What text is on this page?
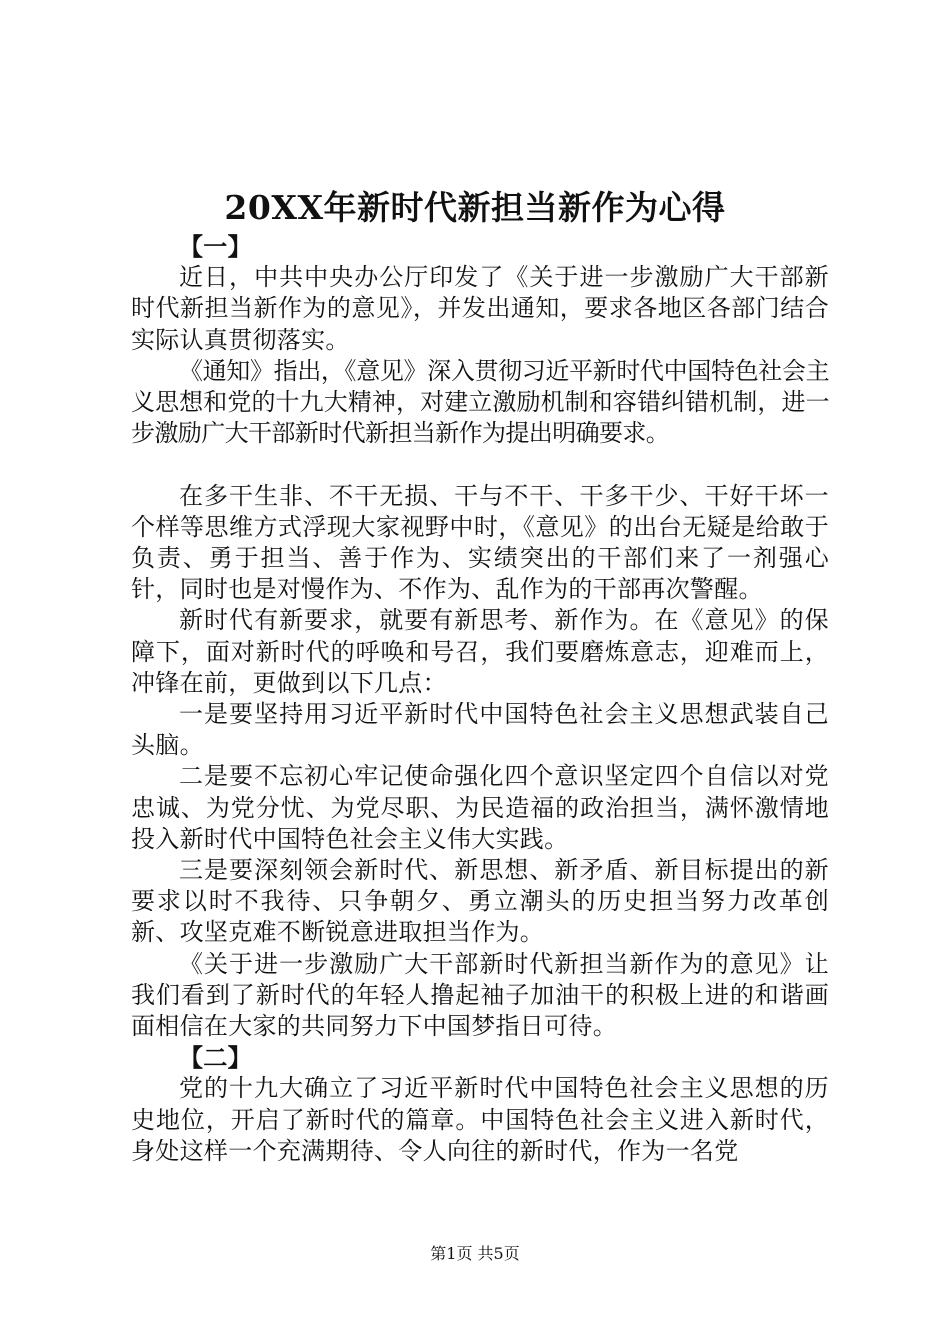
20XX年新时代新担当新作为心得

【一】

近日，中共中央办公厅印发了《关于进一步激励广大干部新时代新担当新作为的意见》，并发出通知，要求各地区各部门结合实际认真贯彻落实。

《通知》指出，《意见》深入贯彻习近平新时代中国特色社会主义思想和党的十九大精神，对建立激励机制和容错纠错机制，进一步激励广大干部新时代新担当新作为提出明确要求。

在多干生非、不干无损、干与不干、干多干少、干好干坏一个样等思维方式浮现大家视野中时，《意见》的出台无疑是给敢于负责、勇于担当、善于作为、实绩突出的干部们来了一剂强心针，同时也是对慢作为、不作为、乱作为的干部再次警醒。

新时代有新要求，就要有新思考、新作为。在《意见》的保障下，面对新时代的呼唤和号召，我们要磨炼意志，迎难而上，冲锋在前，更做到以下几点：

一是要坚持用习近平新时代中国特色社会主义思想武装自己头脑。

二是要不忘初心牢记使命强化四个意识坚定四个自信以对党忠诚、为党分忧、为党尽职、为民造福的政治担当，满怀激情地投入新时代中国特色社会主义伟大实践。

三是要深刻领会新时代、新思想、新矛盾、新目标提出的新要求以时不我待、只争朝夕、勇立潮头的历史担当努力改革创新、攻坚克难不断锐意进取担当作为。

《关于进一步激励广大干部新时代新担当新作为的意见》让我们看到了新时代的年轻人撸起袖子加油干的积极上进的和谐画面相信在大家的共同努力下中国梦指日可待。

【二】

党的十九大确立了习近平新时代中国特色社会主义思想的历史地位，开启了新时代的篇章。中国特色社会主义进入新时代，身处这样一个充满期待、令人向往的新时代，作为一名党

第1页 共5页
